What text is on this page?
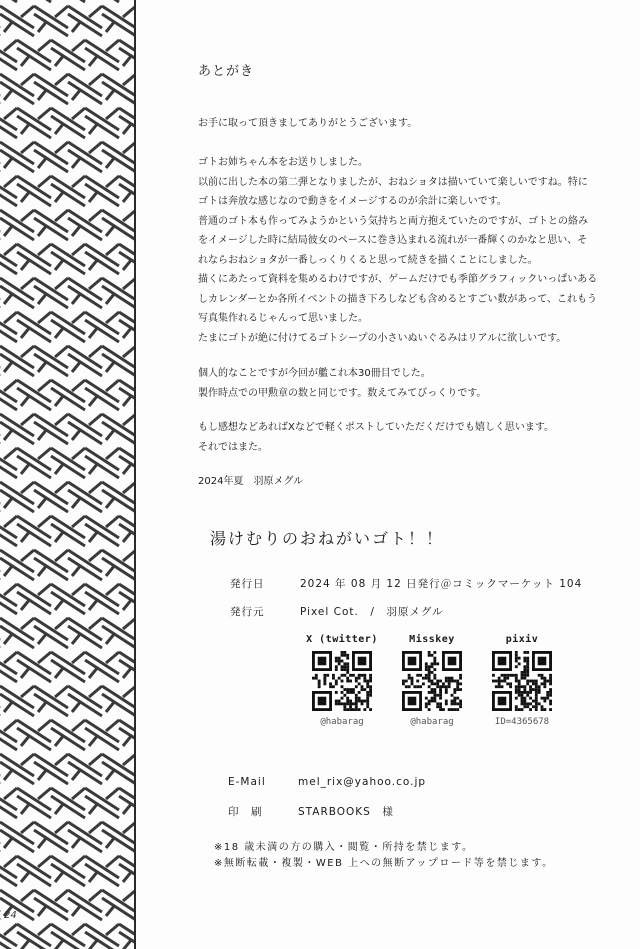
あとがき
お手に取って頂きましてありがとうございます。
ゴトお姉ちゃん本をお送りしました。
以前に出した本の第二弾となりましたが、おねショタは描いていて楽しいですね。特に
ゴトは奔放な感じなので動きをイメージするのが余計に楽しいです。
普通のゴト本も作ってみようかという気持ちと両方抱えていたのですが、ゴトとの絡み
をイメージした時に結局彼女のペースに巻き込まれる流れが一番輝くのかなと思い、そ
れならおねショタが一番しっくりくると思って続きを描くことにしました。
描くにあたって資料を集めるわけですが、ゲームだけでも季節グラフィックいっぱいある
しカレンダーとか各所イベントの描き下ろしなども含めるとすごい数があって、これもう
写真集作れるじゃんって思いました。
たまにゴトが絶に付けてるゴトシープの小さいぬいぐるみはリアルに欲しいです。
個人的なことですが今回が艦これ本30冊目でした。
製作時点での甲勲章の数と同じです。数えてみてびっくりです。
もし感想などあればXなどで軽くポストしていただくだけでも嬉しく思います。
それではまた。
2024年夏　羽原メグル
湯けむりのおねがいゴト！！
発行日	2024 年 08 月 12 日発行＠コミックマーケット 104
発行元	Pixel Cot.　/　羽原メグル
X (twitter)
@habarag
Misskey
@habarag
pixiv
ID=4365678
E-Mail	mel_rix@yahoo.co.jp
印　刷	STARBOOKS　様
※18 歳未満の方の購入・閲覧・所持を禁じます。
※無断転載・複製・WEB 上への無断アップロード等を禁じます。
24
